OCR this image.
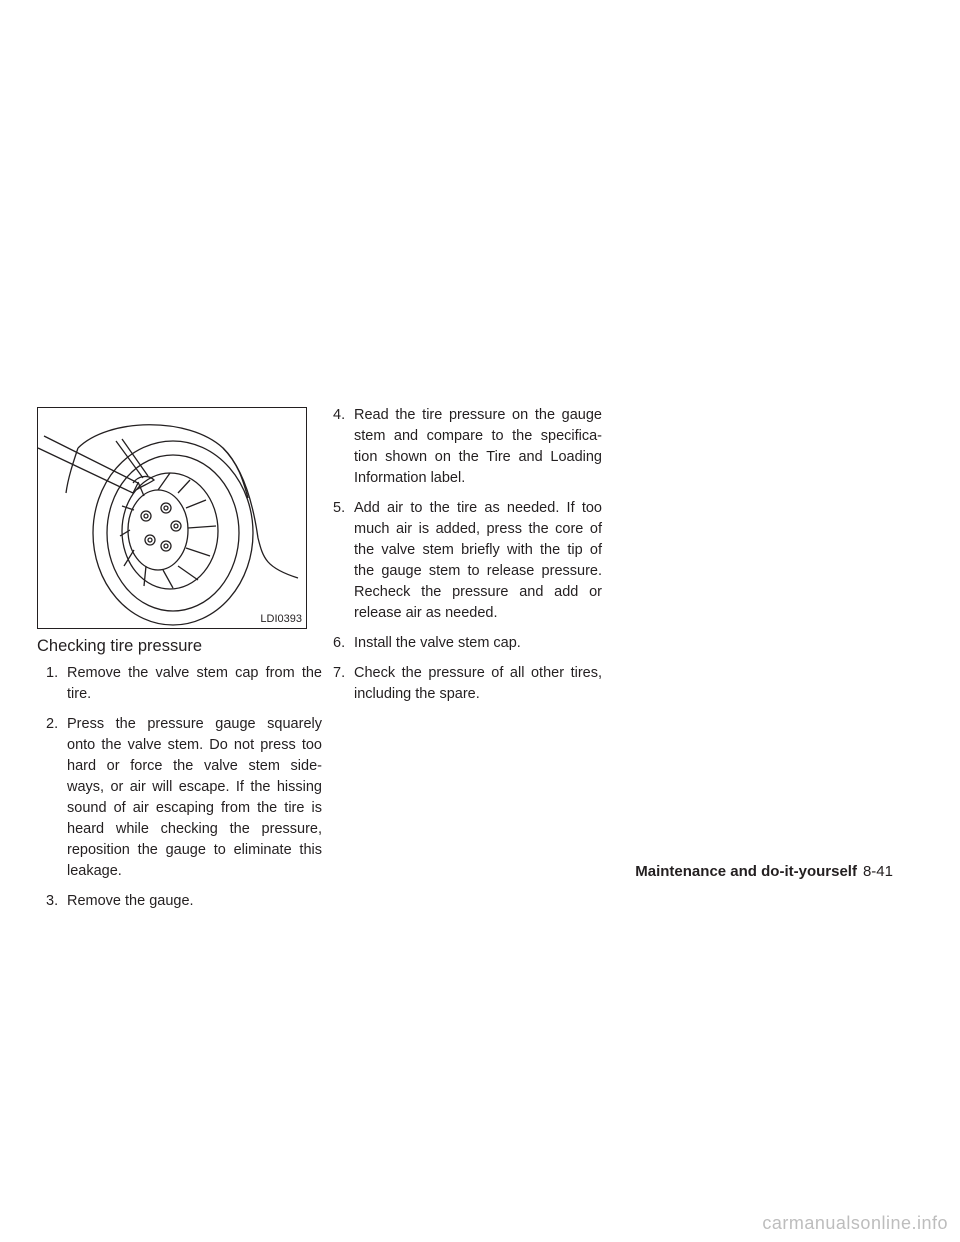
LDI0393
Checking tire pressure
1. Remove the valve stem cap from the tire.
2. Press the pressure gauge squarely onto the valve stem. Do not press too hard or force the valve stem side- ways, or air will escape. If the hissing sound of air escaping from the tire is heard while checking the pressure, reposition the gauge to eliminate this leakage.
3. Remove the gauge.
4. Read the tire pressure on the gauge stem and compare to the specifica- tion shown on the Tire and Loading Information label.
5. Add air to the tire as needed. If too much air is added, press the core of the valve stem briefly with the tip of the gauge stem to release pressure. Recheck the pressure and add or release air as needed.
6. Install the valve stem cap.
7. Check the pressure of all other tires, including the spare.
Maintenance and do-it-yourself 8-41
carmanualsonline.info
